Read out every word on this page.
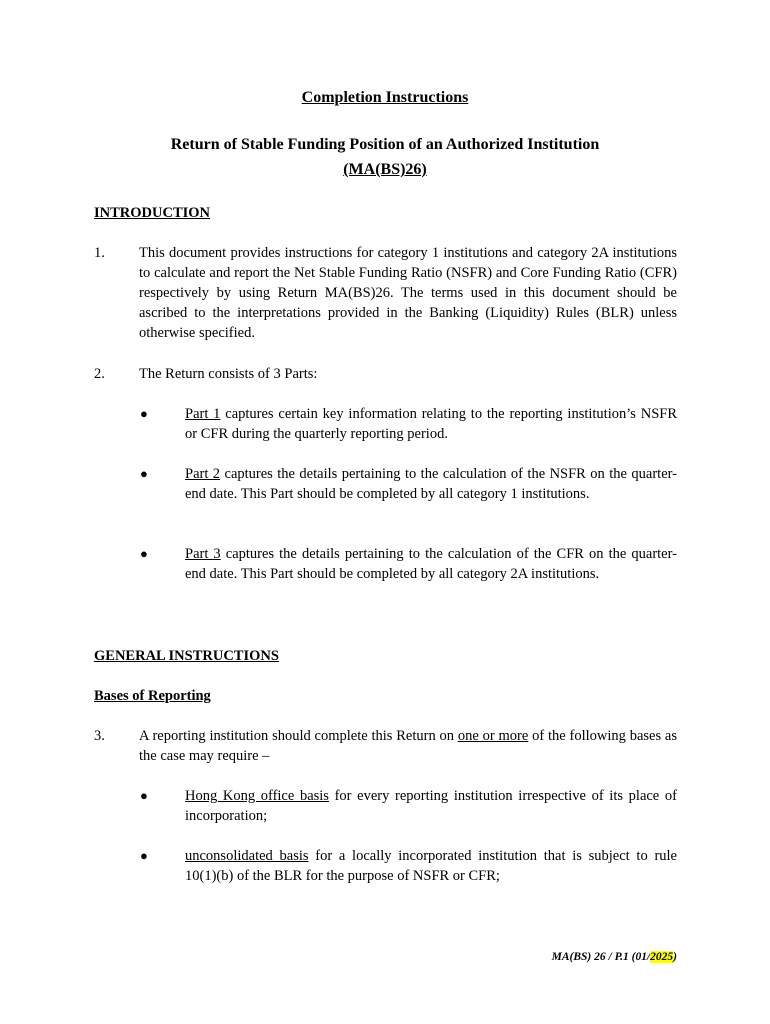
Completion Instructions
Return of Stable Funding Position of an Authorized Institution
(MA(BS)26)
INTRODUCTION
1. This document provides instructions for category 1 institutions and category 2A institutions to calculate and report the Net Stable Funding Ratio (NSFR) and Core Funding Ratio (CFR) respectively by using Return MA(BS)26. The terms used in this document should be ascribed to the interpretations provided in the Banking (Liquidity) Rules (BLR) unless otherwise specified.
2. The Return consists of 3 Parts:
●	Part 1 captures certain key information relating to the reporting institution’s NSFR or CFR during the quarterly reporting period.
●	Part 2 captures the details pertaining to the calculation of the NSFR on the quarter-end date. This Part should be completed by all category 1 institutions.
●	Part 3 captures the details pertaining to the calculation of the CFR on the quarter-end date. This Part should be completed by all category 2A institutions.
GENERAL INSTRUCTIONS
Bases of Reporting
3. A reporting institution should complete this Return on one or more of the following bases as the case may require –
●	Hong Kong office basis for every reporting institution irrespective of its place of incorporation;
●	unconsolidated basis for a locally incorporated institution that is subject to rule 10(1)(b) of the BLR for the purpose of NSFR or CFR;
MA(BS) 26 / P.1 (01/2025)
